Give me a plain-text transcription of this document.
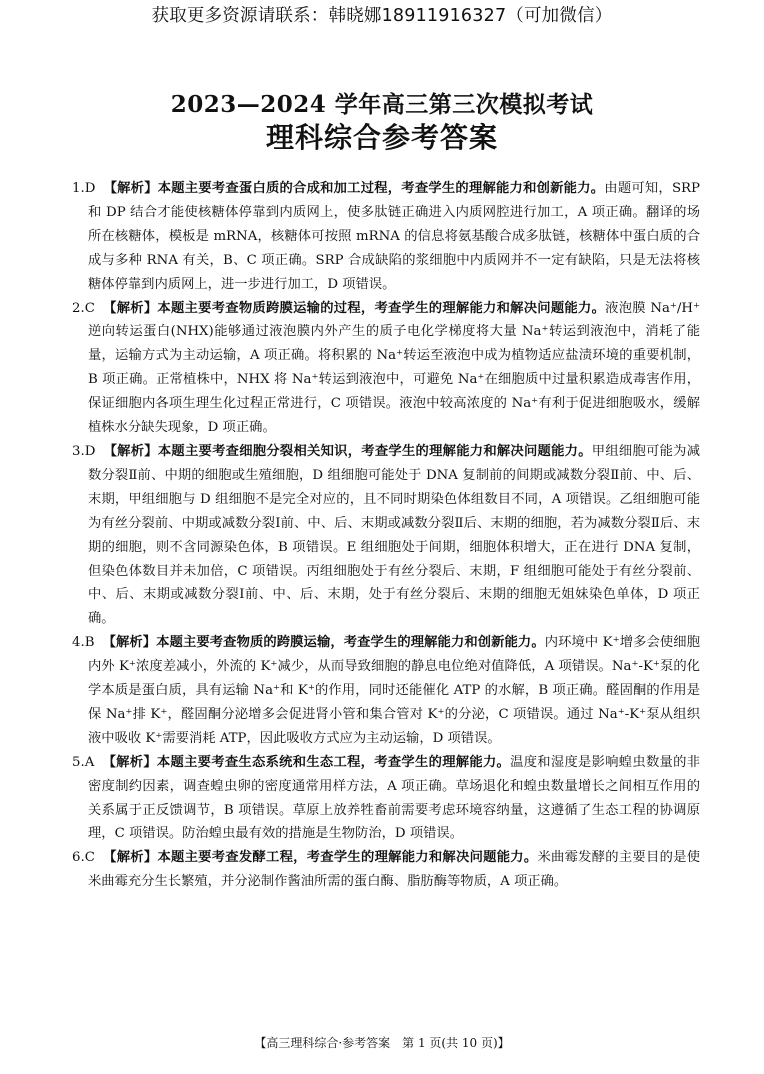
获取更多资源请联系：韩晓娜18911916327（可加微信）
2023—2024 学年高三第三次模拟考试
理科综合参考答案

1.D 【解析】本题主要考查蛋白质的合成和加工过程，考查学生的理解能力和创新能力。由题可知，SRP 和 DP 结合才能使核糖体停靠到内质网上，使多肽链正确进入内质网腔进行加工，A 项正确。翻译的场所在核糖体，模板是 mRNA，核糖体可按照 mRNA 的信息将氨基酸合成多肽链，核糖体中蛋白质的合成与多种 RNA 有关，B、C 项正确。SRP 合成缺陷的浆细胞中内质网并不一定有缺陷，只是无法将核糖体停靠到内质网上，进一步进行加工，D 项错误。

2.C 【解析】本题主要考查物质跨膜运输的过程，考查学生的理解能力和解决问题能力。液泡膜 Na⁺/H⁺逆向转运蛋白(NHX)能够通过液泡膜内外产生的质子电化学梯度将大量 Na⁺转运到液泡中，消耗了能量，运输方式为主动运输，A 项正确。将积累的 Na⁺转运至液泡中成为植物适应盐渍环境的重要机制，B 项正确。正常植株中，NHX 将 Na⁺转运到液泡中，可避免 Na⁺在细胞质中过量积累造成毒害作用，保证细胞内各项生理生化过程正常进行，C 项错误。液泡中较高浓度的 Na⁺有利于促进细胞吸水，缓解植株水分缺失现象，D 项正确。

3.D 【解析】本题主要考查细胞分裂相关知识，考查学生的理解能力和解决问题能力。甲组细胞可能为减数分裂Ⅱ前、中期的细胞或生殖细胞，D 组细胞可能处于 DNA 复制前的间期或减数分裂Ⅱ前、中、后、末期，甲组细胞与 D 组细胞不是完全对应的，且不同时期染色体组数目不同，A 项错误。乙组细胞可能为有丝分裂前、中期或减数分裂Ⅰ前、中、后、末期或减数分裂Ⅱ后、末期的细胞，若为减数分裂Ⅱ后、末期的细胞，则不含同源染色体，B 项错误。E 组细胞处于间期，细胞体积增大，正在进行 DNA 复制，但染色体数目并未加倍，C 项错误。丙组细胞处于有丝分裂后、末期，F 组细胞可能处于有丝分裂前、中、后、末期或减数分裂Ⅰ前、中、后、末期，处于有丝分裂后、末期的细胞无姐妹染色单体，D 项正确。

4.B 【解析】本题主要考查物质的跨膜运输，考查学生的理解能力和创新能力。内环境中 K⁺增多会使细胞内外 K⁺浓度差减小，外流的 K⁺减少，从而导致细胞的静息电位绝对值降低，A 项错误。Na⁺-K⁺泵的化学本质是蛋白质，具有运输 Na⁺和 K⁺的作用，同时还能催化 ATP 的水解，B 项正确。醛固酮的作用是保 Na⁺排 K⁺，醛固酮分泌增多会促进肾小管和集合管对 K⁺的分泌，C 项错误。通过 Na⁺-K⁺泵从组织液中吸收 K⁺需要消耗 ATP，因此吸收方式应为主动运输，D 项错误。

5.A 【解析】本题主要考查生态系统和生态工程，考查学生的理解能力。温度和湿度是影响蝗虫数量的非密度制约因素，调查蝗虫卵的密度通常用样方法，A 项正确。草场退化和蝗虫数量增长之间相互作用的关系属于正反馈调节，B 项错误。草原上放养牲畜前需要考虑环境容纳量，这遵循了生态工程的协调原理，C 项错误。防治蝗虫最有效的措施是生物防治，D 项错误。

6.C 【解析】本题主要考查发酵工程，考查学生的理解能力和解决问题能力。米曲霉发酵的主要目的是使米曲霉充分生长繁殖，并分泌制作酱油所需的蛋白酶、脂肪酶等物质，A 项正确。

【高三理科综合·参考答案　第 1 页(共 10 页)】
